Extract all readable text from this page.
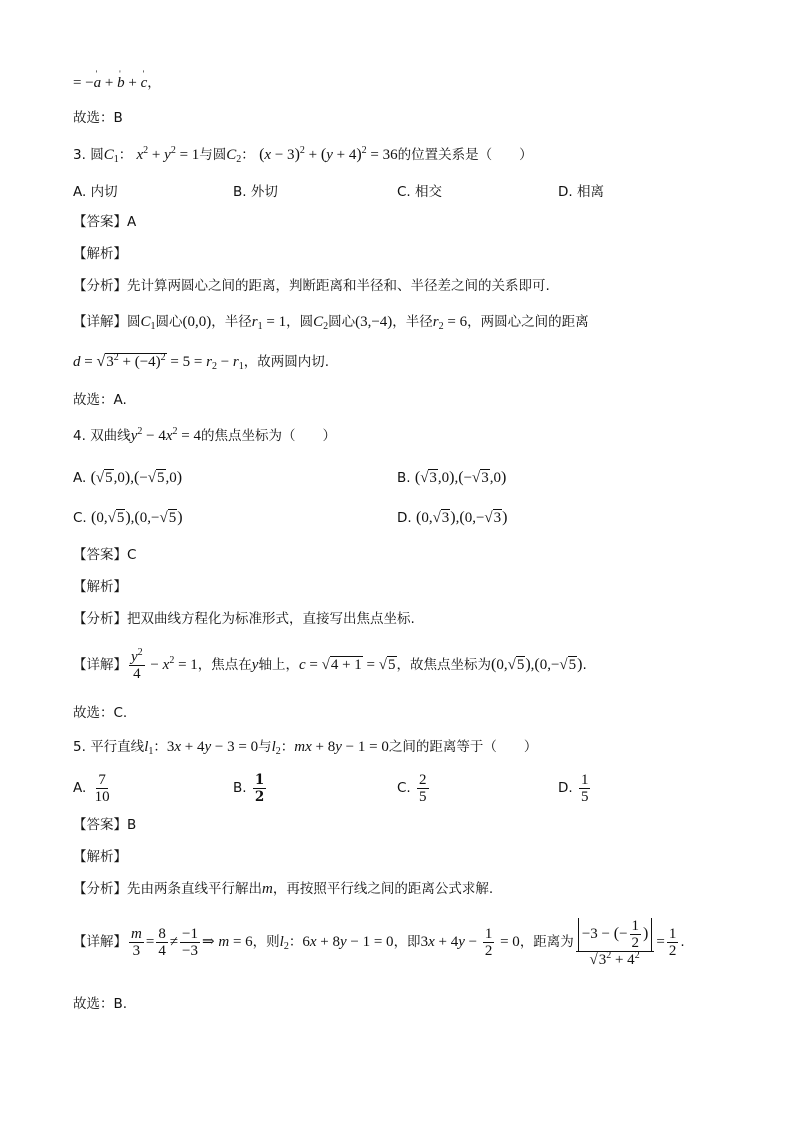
= −' a + ' b + ' c，
故选：B
3. 圆$C_1$： $x^2 + y^2 = 1$与圆$C_2$： $(x - 3)^2 + (y + 4)^2 = 36$的位置关系是（　　）
A. 内切	B. 外切	C. 相交	D. 相离
【答案】A
【解析】
【分析】先计算两圆心之间的距离，判断距离和半径和、半径差之间的关系即可.
【详解】圆$C_1$圆心(0,0)，半径$r_1 = 1$，圆$C_2$圆心(3,−4)，半径$r_2 = 6$，两圆心之间的距离
$d = √3^2 + (-4)^2 = 5 = r_2 - r_1$，故两圆内切.
故选：A.
4. 双曲线$y^2 - 4x^2 = 4$的焦点坐标为（　　）
A. (√5,0),(−√5,0)	B. (√3,0),(−√3,0)
C. (0,√5),(0,−√5)	D. (0,√3),(0,−√3)
【答案】C
【解析】
【分析】把双曲线方程化为标准形式，直接写出焦点坐标.
【详解】 $\frac{y^2}{4} - x^2 = 1$，焦点在y轴上，c = √4 + 1 = √5，故焦点坐标为(0,√5),(0,−√5).
故选：C.
5. 平行直线$l_1$：3x + 4y − 3 = 0与$l_2$：mx + 8y − 1 = 0之间的距离等于（　　）
A. $\frac{7}{10}$	B. $\frac{1}{2}$	C. $\frac{2}{5}$	D. $\frac{1}{5}$
【答案】B
【解析】
【分析】先由两条直线平行解出m，再按照平行线之间的距离公式求解.
【详解】 $\frac{m}{3} = \frac{8}{4} \ne \frac{-1}{-3}$ ⇒ m = 6，则$l_2$：6x + 8y − 1 = 0，即$3x + 4y - \frac{1}{2} = 0$，距离为 $\frac{-3 - (- \frac{1}{2} )}{√3^2 + 4^2} = \frac{1}{2}$ .
故选：B.
